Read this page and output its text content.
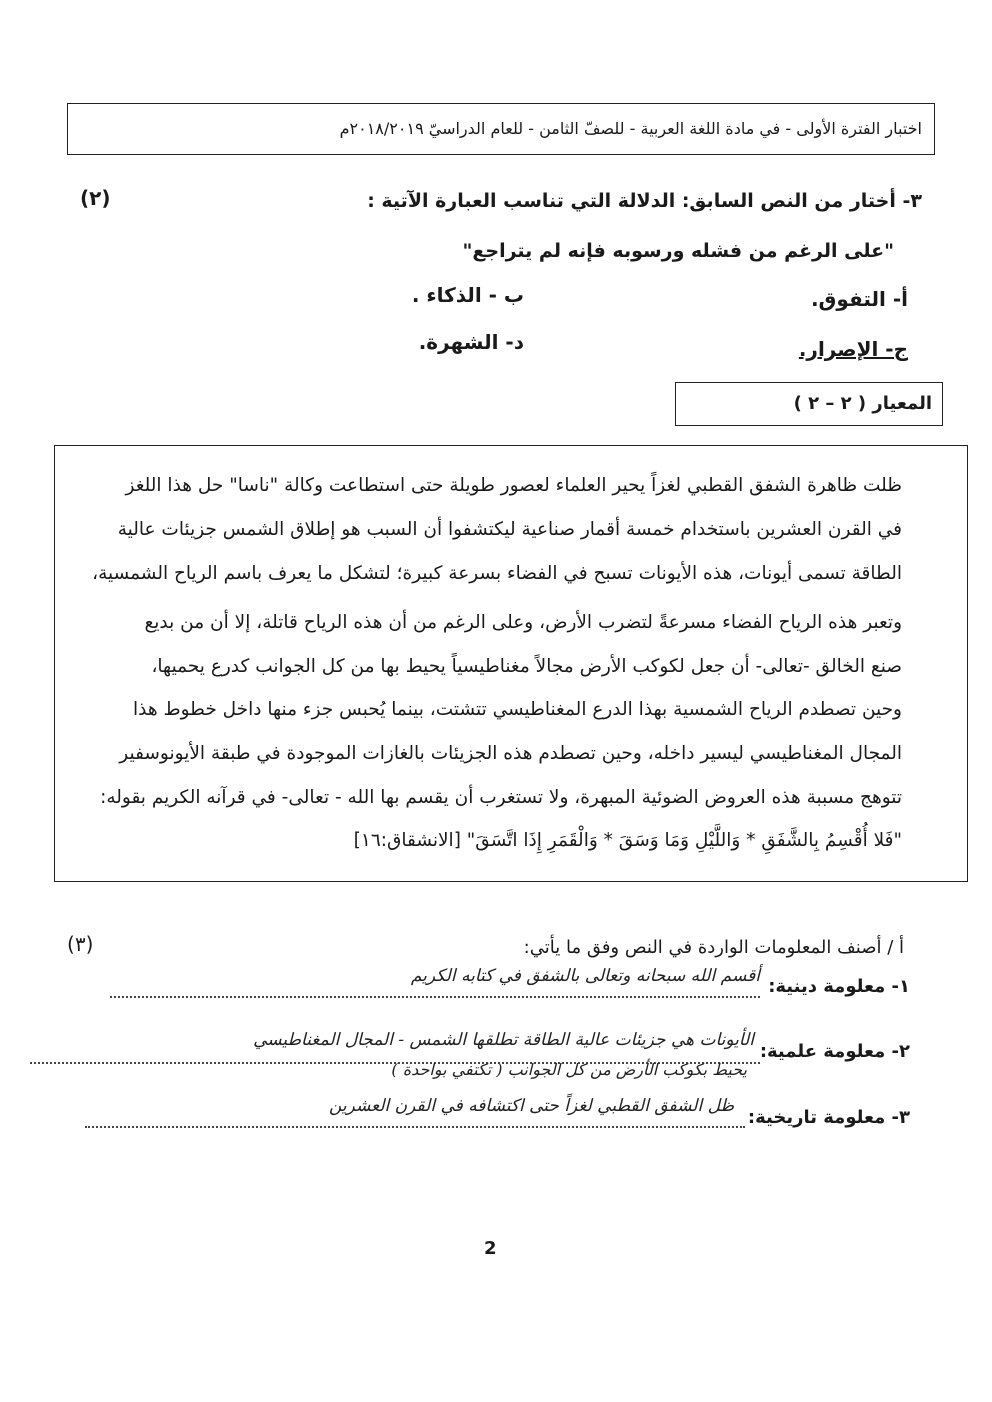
اختبار الفترة الأولى - في مادة اللغة العربية - للصفّ الثامن - للعام الدراسيّ ٢٠١٨/٢٠١٩م
٣- أختار من النص السابق: الدلالة التي تناسب العبارة الآتية :
(٢)
"على الرغم من فشله ورسوبه فإنه لم يتراجع"
أ- التفوق.
ب - الذكاء .
ج- الإصرار.
د- الشهرة.
المعيار ( ٢ – ٢ )
ظلت ظاهرة الشفق القطبي لغزاً يحير العلماء لعصور طويلة حتى استطاعت وكالة "ناسا" حل هذا اللغز
في القرن العشرين باستخدام خمسة أقمار صناعية ليكتشفوا أن السبب هو إطلاق الشمس جزيئات عالية
الطاقة تسمى أيونات، هذه الأيونات تسبح في الفضاء بسرعة كبيرة؛ لتشكل ما يعرف باسم الرياح الشمسية،
وتعبر هذه الرياح الفضاء مسرعةً لتضرب الأرض، وعلى الرغم من أن هذه الرياح قاتلة، إلا أن من بديع
صنع الخالق -تعالى- أن جعل لكوكب الأرض مجالاً مغناطيسياً يحيط بها من كل الجوانب كدرع يحميها،
وحين تصطدم الرياح الشمسية بهذا الدرع المغناطيسي تتشتت، بينما يُحبس جزء منها داخل خطوط هذا
المجال المغناطيسي ليسير داخله، وحين تصطدم هذه الجزيئات بالغازات الموجودة في طبقة الأيونوسفير
تتوهج مسببة هذه العروض الضوئية المبهرة، ولا تستغرب أن يقسم بها الله - تعالى- في قرآنه الكريم بقوله:
"فَلا أُقْسِمُ بِالشَّفَقِ * وَاللَّيْلِ وَمَا وَسَقَ * وَالْقَمَرِ إِذَا اتَّسَقَ" [الانشقاق:١٦]
أ / أصنف المعلومات الواردة في النص وفق ما يأتي:
(٣)
١- معلومة دينية:
أقسم الله سبحانه وتعالى بالشفق في كتابه الكريم
٢- معلومة علمية:
الأيونات هي جزيئات عالية الطاقة تطلقها الشمس - المجال المغناطيسي
يحيط بكوكب الأرض من كل الجوانب ( تكتفي بواحدة )
٣- معلومة تاريخية:
ظل الشفق القطبي لغزاً حتى اكتشافه في القرن العشرين
2
